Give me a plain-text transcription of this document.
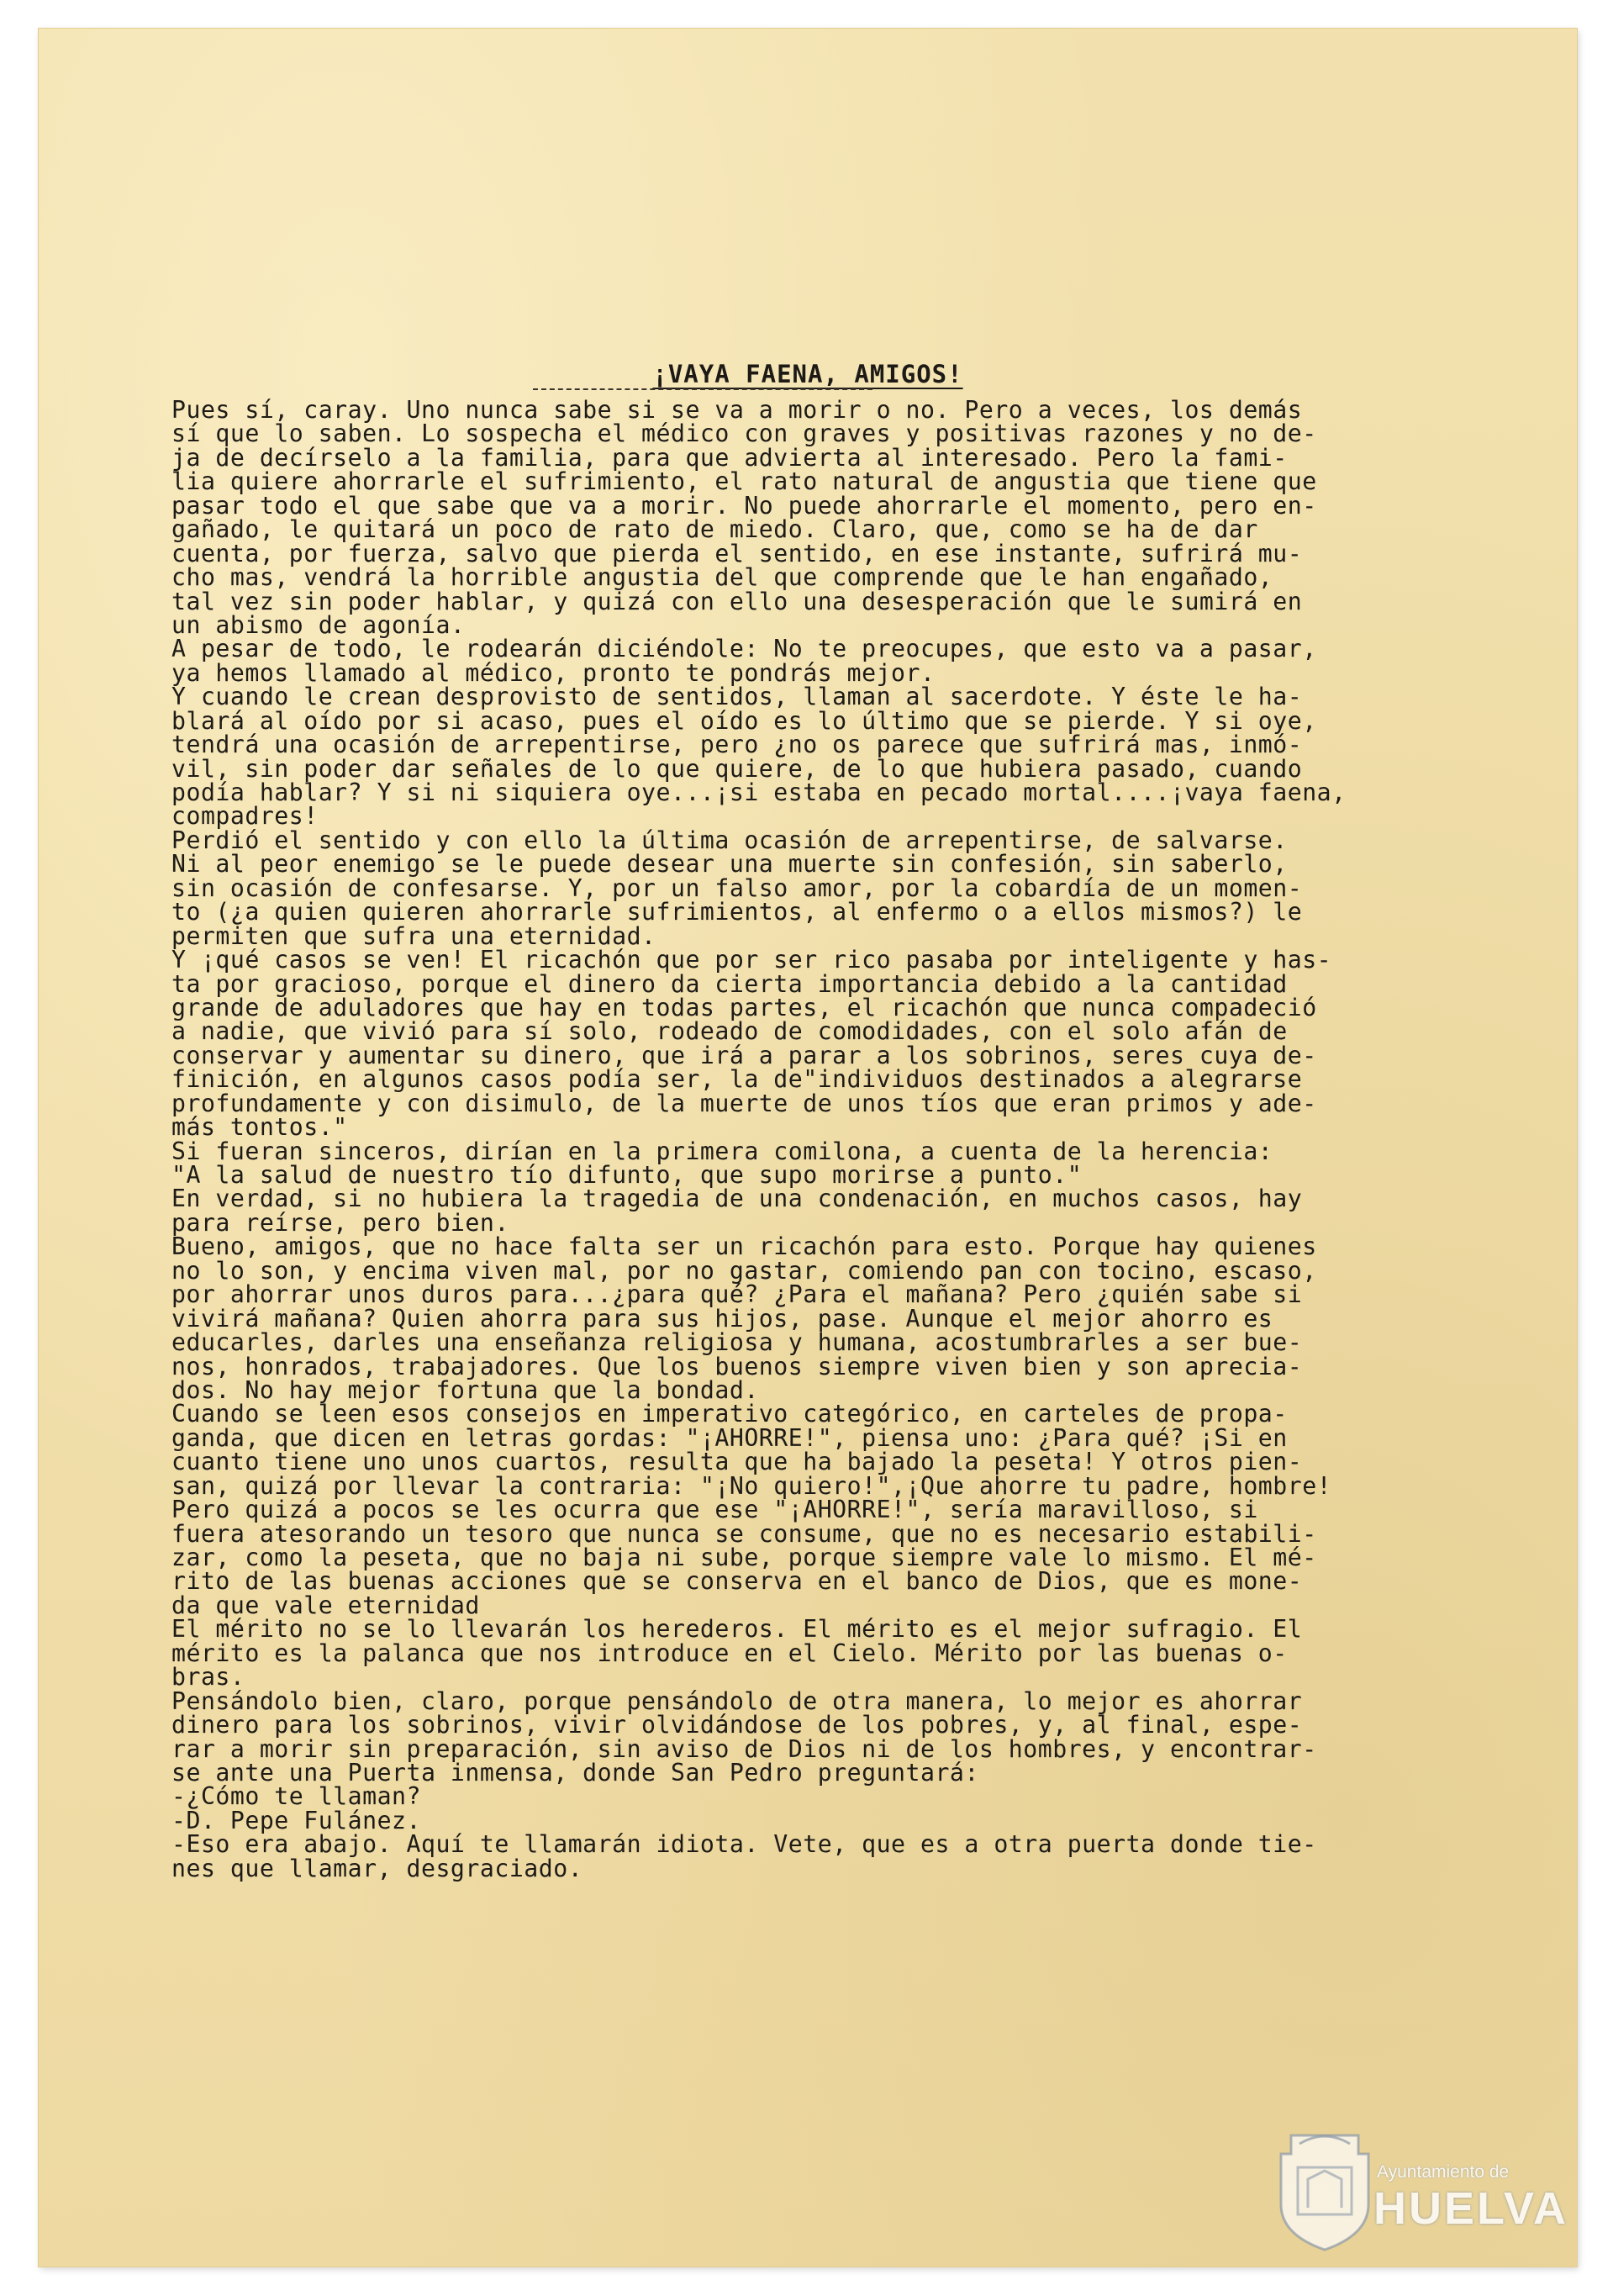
¡VAYA FAENA, AMIGOS!
Pues sí, caray. Uno nunca sabe si se va a morir o no. Pero a veces, los demás
sí que lo saben. Lo sospecha el médico con graves y positivas razones y no de-
ja de decírselo a la familia, para que advierta al interesado. Pero la fami-
lia quiere ahorrarle el sufrimiento, el rato natural de angustia que tiene que
pasar todo el que sabe que va a morir. No puede ahorrarle el momento, pero en-
gañado, le quitará un poco de rato de miedo. Claro, que, como se ha de dar
cuenta, por fuerza, salvo que pierda el sentido, en ese instante, sufrirá mu-
cho mas, vendrá la horrible angustia del que comprende que le han engañado,
tal vez sin poder hablar, y quizá con ello una desesperación que le sumirá en
un abismo de agonía.
A pesar de todo, le rodearán diciéndole: No te preocupes, que esto va a pasar,
ya hemos llamado al médico, pronto te pondrás mejor.
Y cuando le crean desprovisto de sentidos, llaman al sacerdote. Y éste le ha-
blará al oído por si acaso, pues el oído es lo último que se pierde. Y si oye,
tendrá una ocasión de arrepentirse, pero ¿no os parece que sufrirá mas, inmó-
vil, sin poder dar señales de lo que quiere, de lo que hubiera pasado, cuando
podía hablar? Y si ni siquiera oye...¡si estaba en pecado mortal....¡vaya faena,
compadres!
Perdió el sentido y con ello la última ocasión de arrepentirse, de salvarse.
Ni al peor enemigo se le puede desear una muerte sin confesión, sin saberlo,
sin ocasión de confesarse. Y, por un falso amor, por la cobardía de un momen-
to (¿a quien quieren ahorrarle sufrimientos, al enfermo o a ellos mismos?) le
permiten que sufra una eternidad.
Y ¡qué casos se ven! El ricachón que por ser rico pasaba por inteligente y has-
ta por gracioso, porque el dinero da cierta importancia debido a la cantidad
grande de aduladores que hay en todas partes, el ricachón que nunca compadeció
a nadie, que vivió para sí solo, rodeado de comodidades, con el solo afán de
conservar y aumentar su dinero, que irá a parar a los sobrinos, seres cuya de-
finición, en algunos casos podía ser, la de"individuos destinados a alegrarse
profundamente y con disimulo, de la muerte de unos tíos que eran primos y ade-
más tontos."
Si fueran sinceros, dirían en la primera comilona, a cuenta de la herencia:
"A la salud de nuestro tío difunto, que supo morirse a punto."
En verdad, si no hubiera la tragedia de una condenación, en muchos casos, hay
para reírse, pero bien.
Bueno, amigos, que no hace falta ser un ricachón para esto. Porque hay quienes
no lo son, y encima viven mal, por no gastar, comiendo pan con tocino, escaso,
por ahorrar unos duros para...¿para qué? ¿Para el mañana? Pero ¿quién sabe si
vivirá mañana? Quien ahorra para sus hijos, pase. Aunque el mejor ahorro es
educarles, darles una enseñanza religiosa y humana, acostumbrarles a ser bue-
nos, honrados, trabajadores. Que los buenos siempre viven bien y son aprecia-
dos. No hay mejor fortuna que la bondad.
Cuando se leen esos consejos en imperativo categórico, en carteles de propa-
ganda, que dicen en letras gordas: "¡AHORRE!", piensa uno: ¿Para qué? ¡Si en
cuanto tiene uno unos cuartos, resulta que ha bajado la peseta! Y otros pien-
san, quizá por llevar la contraria: "¡No quiero!",¡Que ahorre tu padre, hombre!
Pero quizá a pocos se les ocurra que ese "¡AHORRE!", sería maravilloso, si
fuera atesorando un tesoro que nunca se consume, que no es necesario estabili-
zar, como la peseta, que no baja ni sube, porque siempre vale lo mismo. El mé-
rito de las buenas acciones que se conserva en el banco de Dios, que es mone-
da que vale eternidad
El mérito no se lo llevarán los herederos. El mérito es el mejor sufragio. El
mérito es la palanca que nos introduce en el Cielo. Mérito por las buenas o-
bras.
Pensándolo bien, claro, porque pensándolo de otra manera, lo mejor es ahorrar
dinero para los sobrinos, vivir olvidándose de los pobres, y, al final, espe-
rar a morir sin preparación, sin aviso de Dios ni de los hombres, y encontrar-
se ante una Puerta inmensa, donde San Pedro preguntará:
-¿Cómo te llaman?
-D. Pepe Fulánez.
-Eso era abajo. Aquí te llamarán idiota. Vete, que es a otra puerta donde tie-
nes que llamar, desgraciado.
Ayuntamiento de
HUELVA
